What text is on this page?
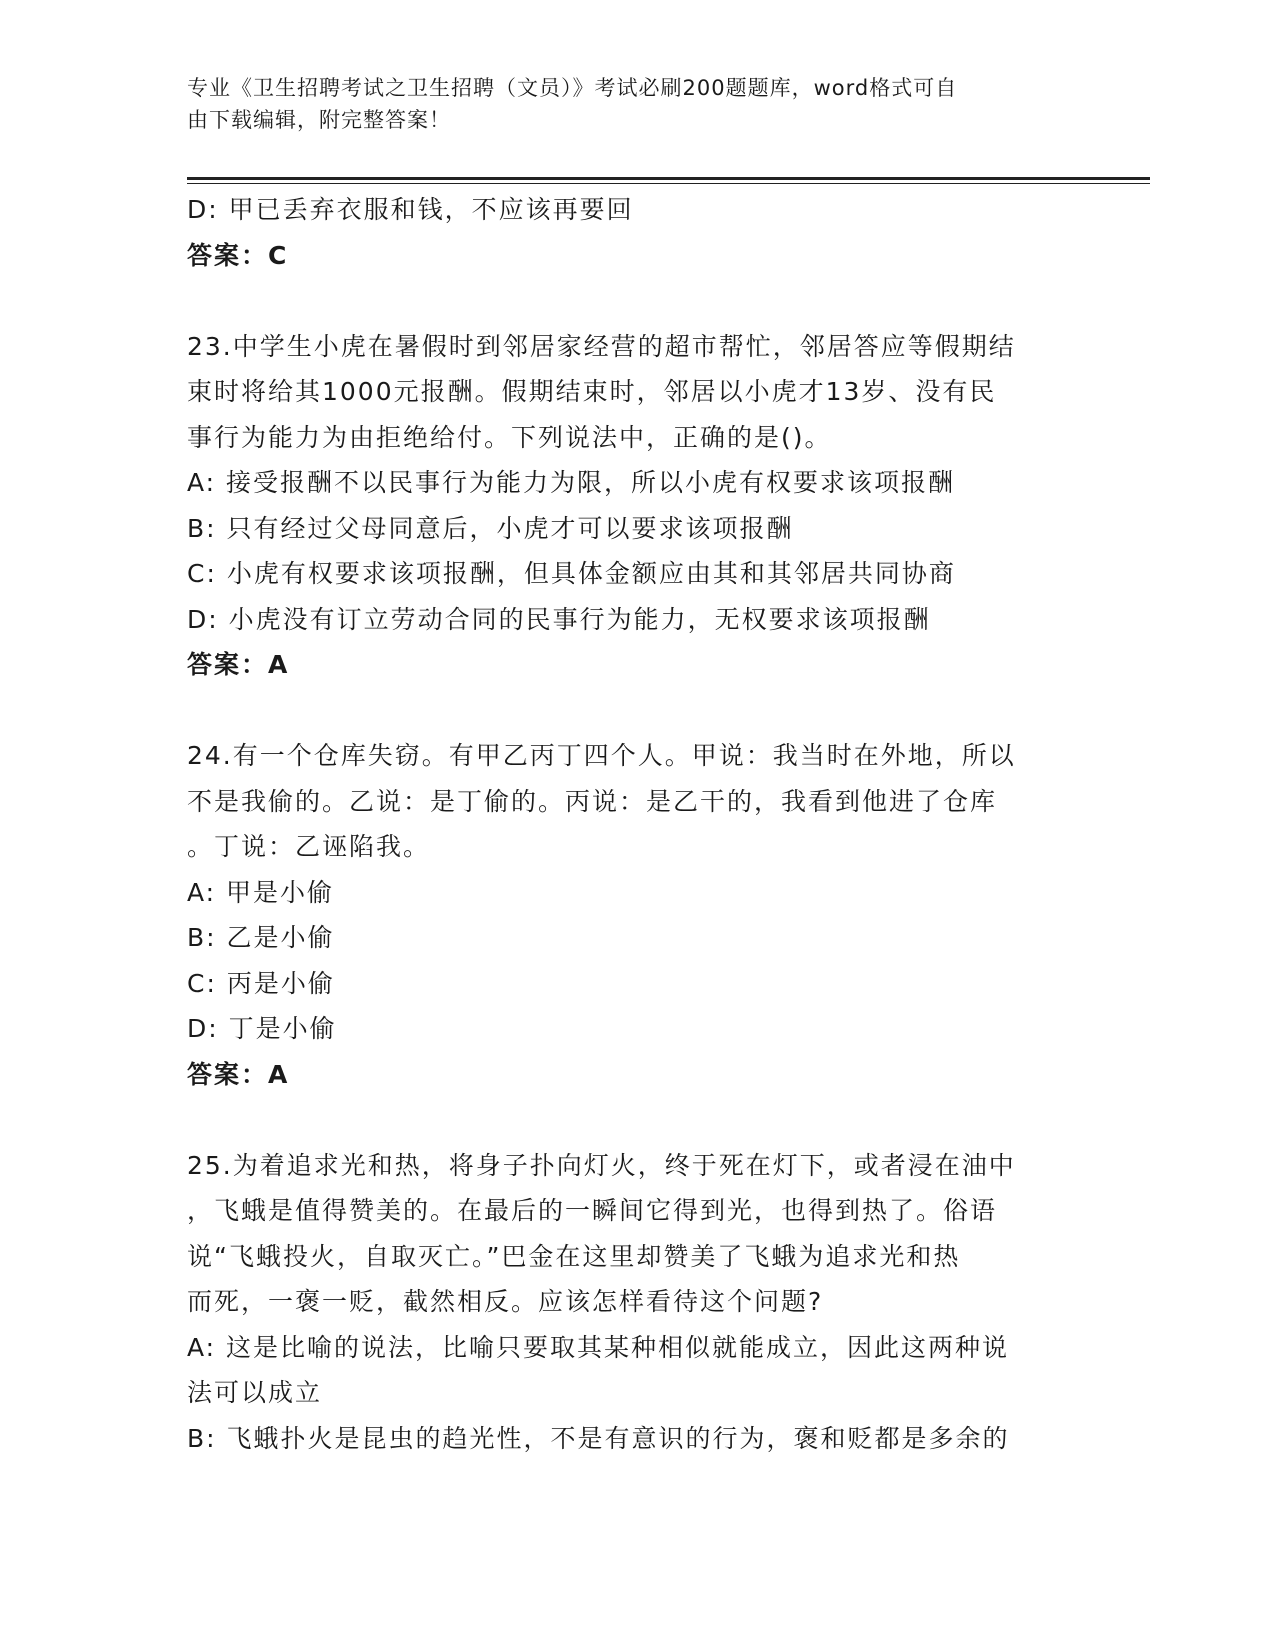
专业《卫生招聘考试之卫生招聘（文员）》考试必刷200题题库，word格式可自
由下载编辑，附完整答案！
D: 甲已丢弃衣服和钱，不应该再要回
答案：C
23.中学生小虎在暑假时到邻居家经营的超市帮忙，邻居答应等假期结
束时将给其1000元报酬。假期结束时，邻居以小虎才13岁、没有民
事行为能力为由拒绝给付。下列说法中，正确的是()。
A: 接受报酬不以民事行为能力为限，所以小虎有权要求该项报酬
B: 只有经过父母同意后，小虎才可以要求该项报酬
C: 小虎有权要求该项报酬，但具体金额应由其和其邻居共同协商
D: 小虎没有订立劳动合同的民事行为能力，无权要求该项报酬
答案：A
24.有一个仓库失窃。有甲乙丙丁四个人。甲说：我当时在外地，所以
不是我偷的。乙说：是丁偷的。丙说：是乙干的，我看到他进了仓库
。丁说：乙诬陷我。
A: 甲是小偷
B: 乙是小偷
C: 丙是小偷
D: 丁是小偷
答案：A
25.为着追求光和热，将身子扑向灯火，终于死在灯下，或者浸在油中
，飞蛾是值得赞美的。在最后的一瞬间它得到光，也得到热了。俗语
说“飞蛾投火，自取灭亡。”巴金在这里却赞美了飞蛾为追求光和热
而死，一褒一贬，截然相反。应该怎样看待这个问题?
A: 这是比喻的说法，比喻只要取其某种相似就能成立，因此这两种说
法可以成立
B: 飞蛾扑火是昆虫的趋光性，不是有意识的行为，褒和贬都是多余的
